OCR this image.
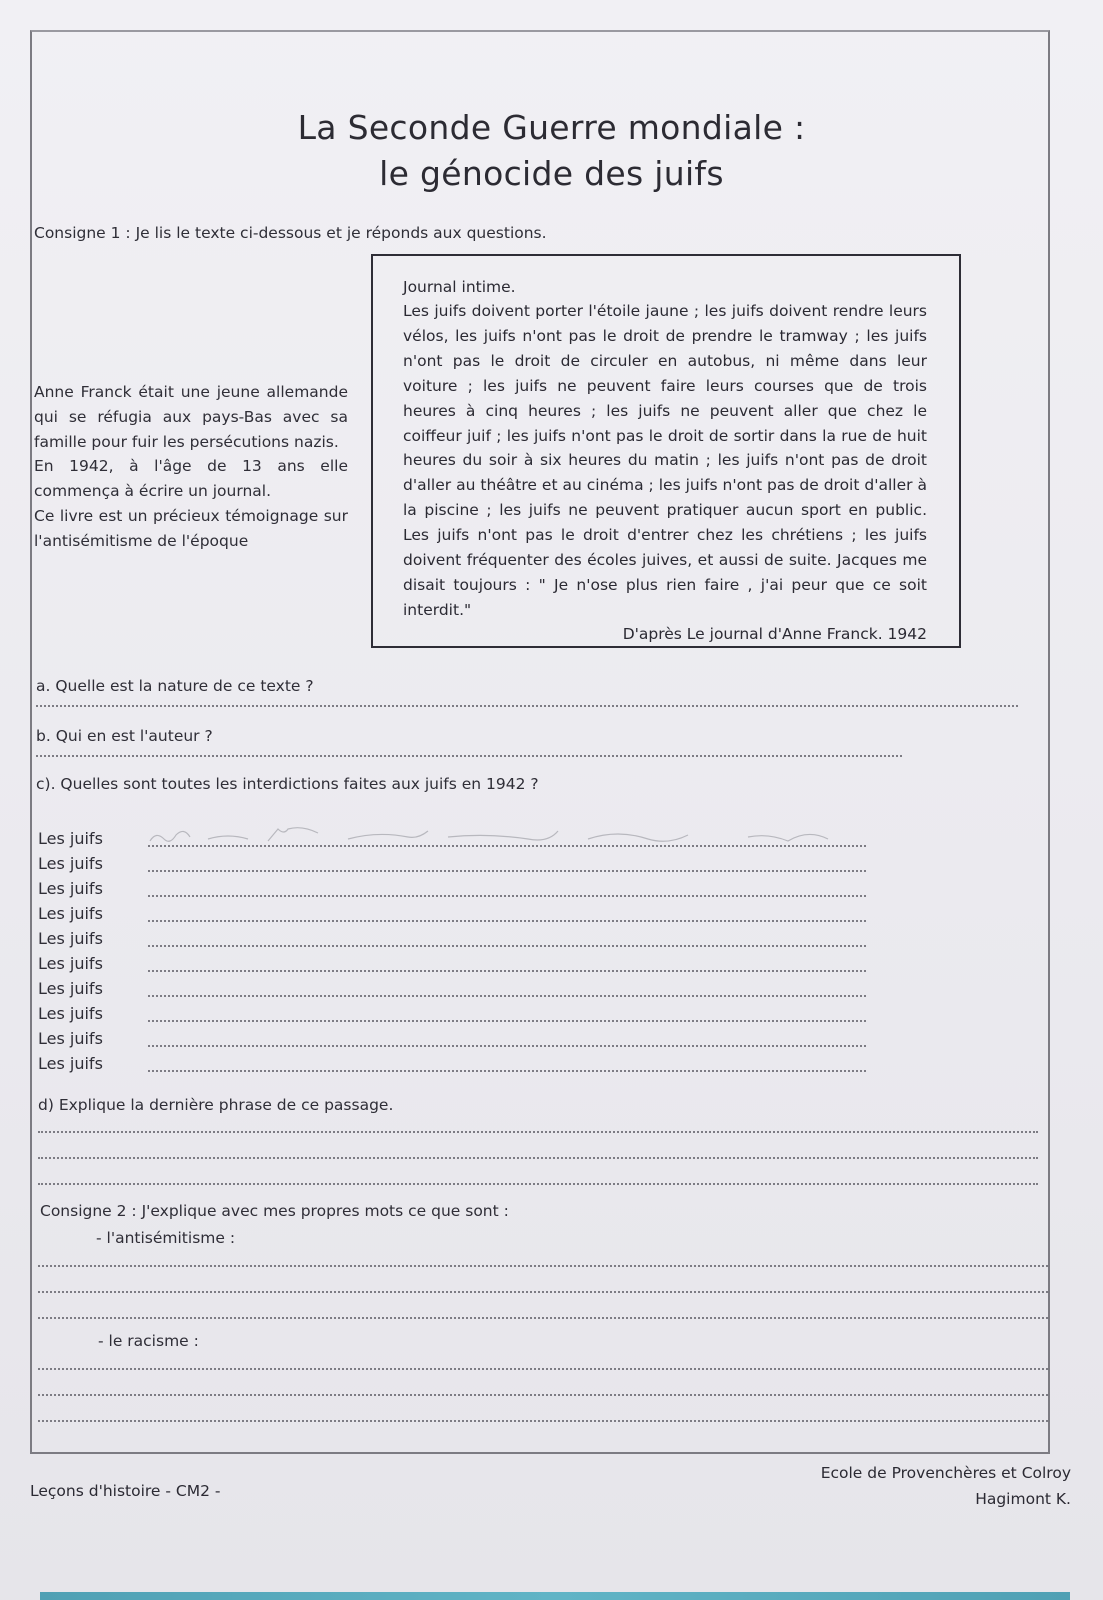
La Seconde Guerre mondiale :
le génocide des juifs
Consigne 1 : Je lis le texte ci-dessous et je réponds aux questions.

Anne Franck était une jeune allemande qui se réfugia aux pays-Bas avec sa famille pour fuir les persécutions nazis.

En 1942, à l'âge de 13 ans elle commença à écrire un journal.

Ce livre est un précieux témoignage sur l'antisémitisme de l'époque

Journal intime.

Les juifs doivent porter l'étoile jaune ; les juifs doivent rendre leurs vélos, les juifs n'ont pas le droit de prendre le tramway ; les juifs n'ont pas le droit de circuler en autobus, ni même dans leur voiture ; les juifs ne peuvent faire leurs courses que de trois heures à cinq heures ; les juifs ne peuvent aller que chez le coiffeur juif ; les juifs n'ont pas le droit de sortir dans la rue de huit heures du soir à six heures du matin ; les juifs n'ont pas de droit d'aller au théâtre et au cinéma ; les juifs n'ont pas de droit d'aller à la piscine ; les juifs ne peuvent pratiquer aucun sport en public. Les juifs n'ont pas le droit d'entrer chez les chrétiens ; les juifs doivent fréquenter des écoles juives, et aussi de suite. Jacques me disait toujours : " Je n'ose plus rien faire , j'ai peur que ce soit interdit."

D'après Le journal d'Anne Franck. 1942
a. Quelle est la nature de ce texte ?
b. Qui en est l'auteur ?
c). Quelles sont toutes les interdictions faites aux juifs en 1942 ?
Les juifs
Les juifs
Les juifs
Les juifs
Les juifs
Les juifs
Les juifs
Les juifs
Les juifs
Les juifs
d) Explique la dernière phrase de ce passage.
Consigne 2 : J'explique avec mes propres mots ce que sont :
- l'antisémitisme :
- le racisme :
Leçons d'histoire - CM2 -
Ecole de Provenchères et Colroy
Hagimont K.
